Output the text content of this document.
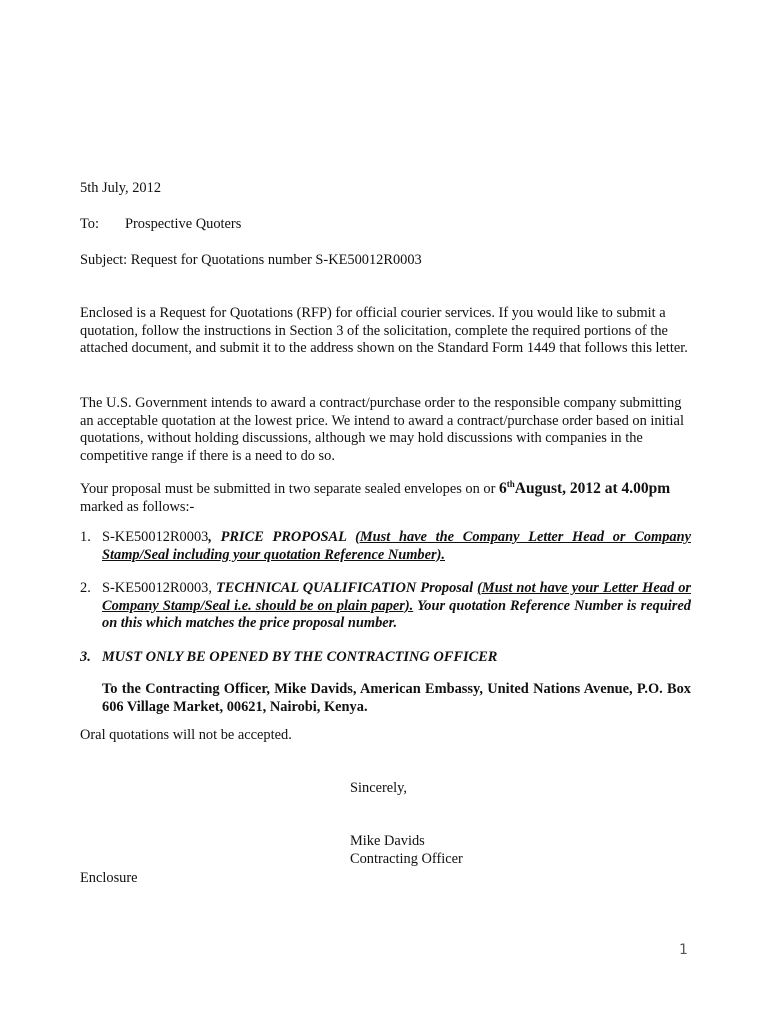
5th July, 2012
To: Prospective Quoters
Subject: Request for Quotations number S-KE50012R0003
Enclosed is a Request for Quotations (RFP) for official courier services. If you would like to submit a quotation, follow the instructions in Section 3 of the solicitation, complete the required portions of the attached document, and submit it to the address shown on the Standard Form 1449 that follows this letter.
The U.S. Government intends to award a contract/purchase order to the responsible company submitting an acceptable quotation at the lowest price. We intend to award a contract/purchase order based on initial quotations, without holding discussions, although we may hold discussions with companies in the competitive range if there is a need to do so.
Your proposal must be submitted in two separate sealed envelopes on or 6thAugust, 2012 at 4.00pm
marked as follows:-
1. S-KE50012R0003, PRICE PROPOSAL (Must have the Company Letter Head or Company Stamp/Seal including your quotation Reference Number).
2. S-KE50012R0003, TECHNICAL QUALIFICATION Proposal (Must not have your Letter Head or Company Stamp/Seal i.e. should be on plain paper). Your quotation Reference Number is required on this which matches the price proposal number.
3. MUST ONLY BE OPENED BY THE CONTRACTING OFFICER
To the Contracting Officer, Mike Davids, American Embassy, United Nations Avenue, P.O. Box 606 Village Market, 00621, Nairobi, Kenya.
Oral quotations will not be accepted.
Sincerely,
Mike Davids
Contracting Officer
Enclosure
1
